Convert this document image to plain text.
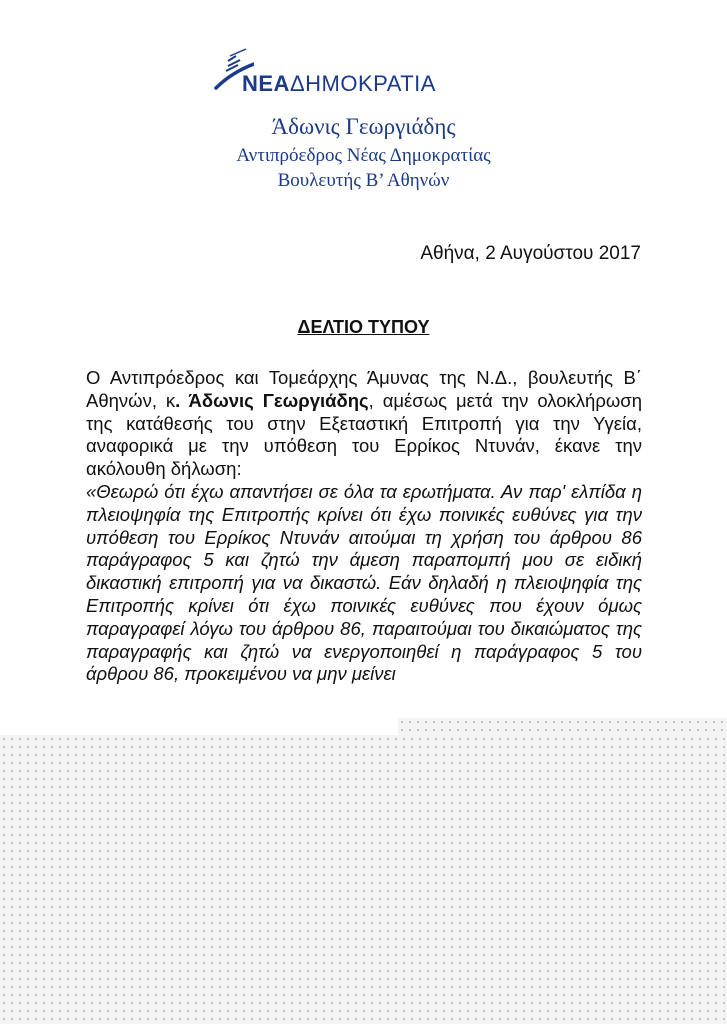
ΝΕΑΔΗΜΟΚΡΑΤΙΑ
Άδωνις Γεωργιάδης
Αντιπρόεδρος Νέας Δημοκρατίας
Βουλευτής Β’ Αθηνών
Αθήνα, 2 Αυγούστου 2017
ΔΕΛΤΙΟ ΤΥΠΟΥ
Ο Αντιπρόεδρος και Τομεάρχης Άμυνας της Ν.Δ., βουλευτής Β΄ Αθηνών, κ. Άδωνις Γεωργιάδης, αμέσως μετά την ολοκλήρωση της κατάθεσής του στην Εξεταστική Επιτροπή για την Υγεία, αναφορικά με την υπόθεση του Ερρίκος Ντυνάν, έκανε την ακόλουθη δήλωση:
«Θεωρώ ότι έχω απαντήσει σε όλα τα ερωτήματα. Αν παρ' ελπίδα η πλειοψηφία της Επιτροπής κρίνει ότι έχω ποινικές ευθύνες για την υπόθεση του Ερρίκος Ντυνάν αιτούμαι τη χρήση του άρθρου 86 παράγραφος 5 και ζητώ την άμεση παραπομπή μου σε ειδική δικαστική επιτροπή για να δικαστώ. Εάν δηλαδή η πλειοψηφία της Επιτροπής κρίνει ότι έχω ποινικές ευθύνες που έχουν όμως παραγραφεί λόγω του άρθρου 86, παραιτούμαι του δικαιώματος της παραγραφής και ζητώ να ενεργοποιηθεί η παράγραφος 5 του άρθρου 86, προκειμένου να μην μείνει
